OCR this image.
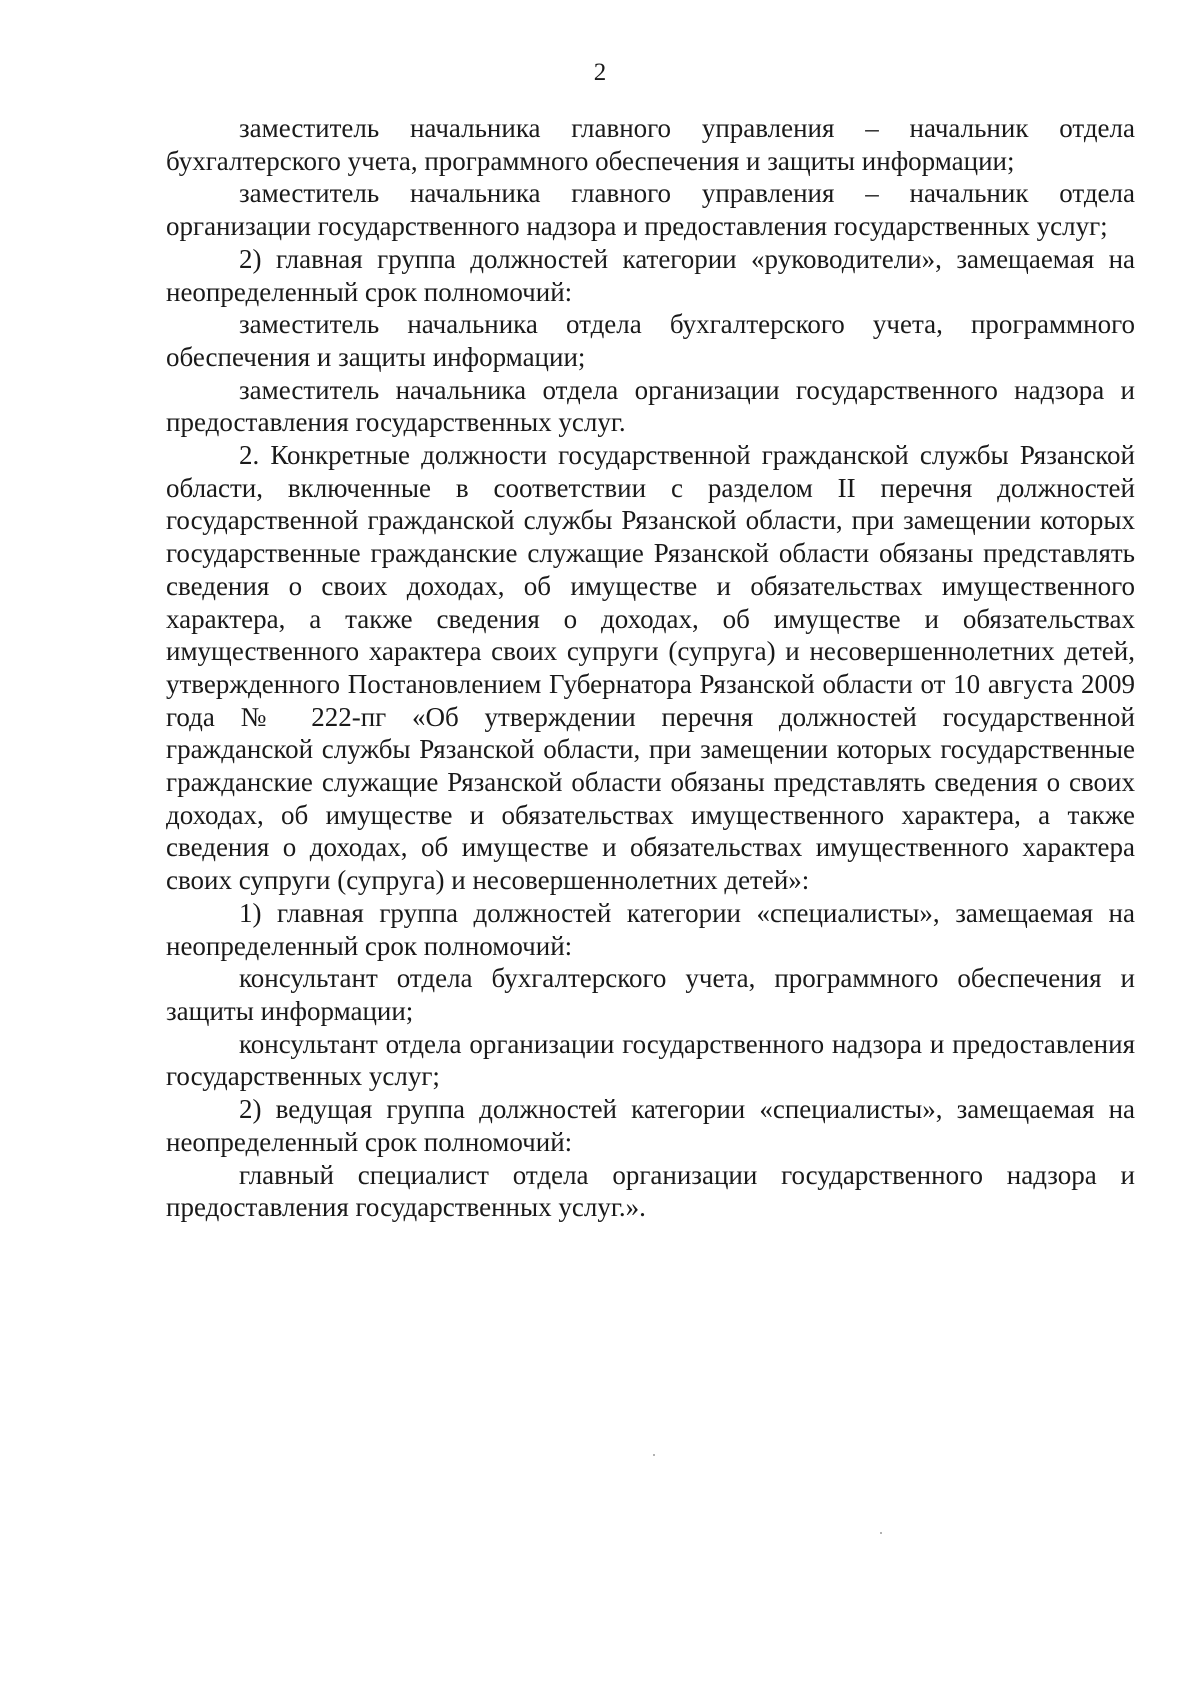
2

заместитель начальника главного управления – начальник отдела бухгалтерского учета, программного обеспечения и защиты информации;

заместитель начальника главного управления – начальник отдела организации государственного надзора и предоставления государственных услуг;

2) главная группа должностей категории «руководители», замещаемая на неопределенный срок полномочий:

заместитель начальника отдела бухгалтерского учета, программного обеспечения и защиты информации;

заместитель начальника отдела организации государственного надзора и предоставления государственных услуг.

2. Конкретные должности государственной гражданской службы Рязанской области, включенные в соответствии с разделом II перечня должностей государственной гражданской службы Рязанской области, при замещении которых государственные гражданские служащие Рязанской области обязаны представлять сведения о своих доходах, об имуществе и обязательствах имущественного характера, а также сведения о доходах, об имуществе и обязательствах имущественного характера своих супруги (супруга) и несовершеннолетних детей, утвержденного Постановлением Губернатора Рязанской области от 10 августа 2009 года № 222-пг «Об утверждении перечня должностей государственной гражданской службы Рязанской области, при замещении которых государственные гражданские служащие Рязанской области обязаны представлять сведения о своих доходах, об имуществе и обязательствах имущественного характера, а также сведения о доходах, об имуществе и обязательствах имущественного характера своих супруги (супруга) и несовершеннолетних детей»:

1) главная группа должностей категории «специалисты», замещаемая на неопределенный срок полномочий:

консультант отдела бухгалтерского учета, программного обеспечения и защиты информации;

консультант отдела организации государственного надзора и предоставления государственных услуг;

2) ведущая группа должностей категории «специалисты», замещаемая на неопределенный срок полномочий:

главный специалист отдела организации государственного надзора и предоставления государственных услуг.».
